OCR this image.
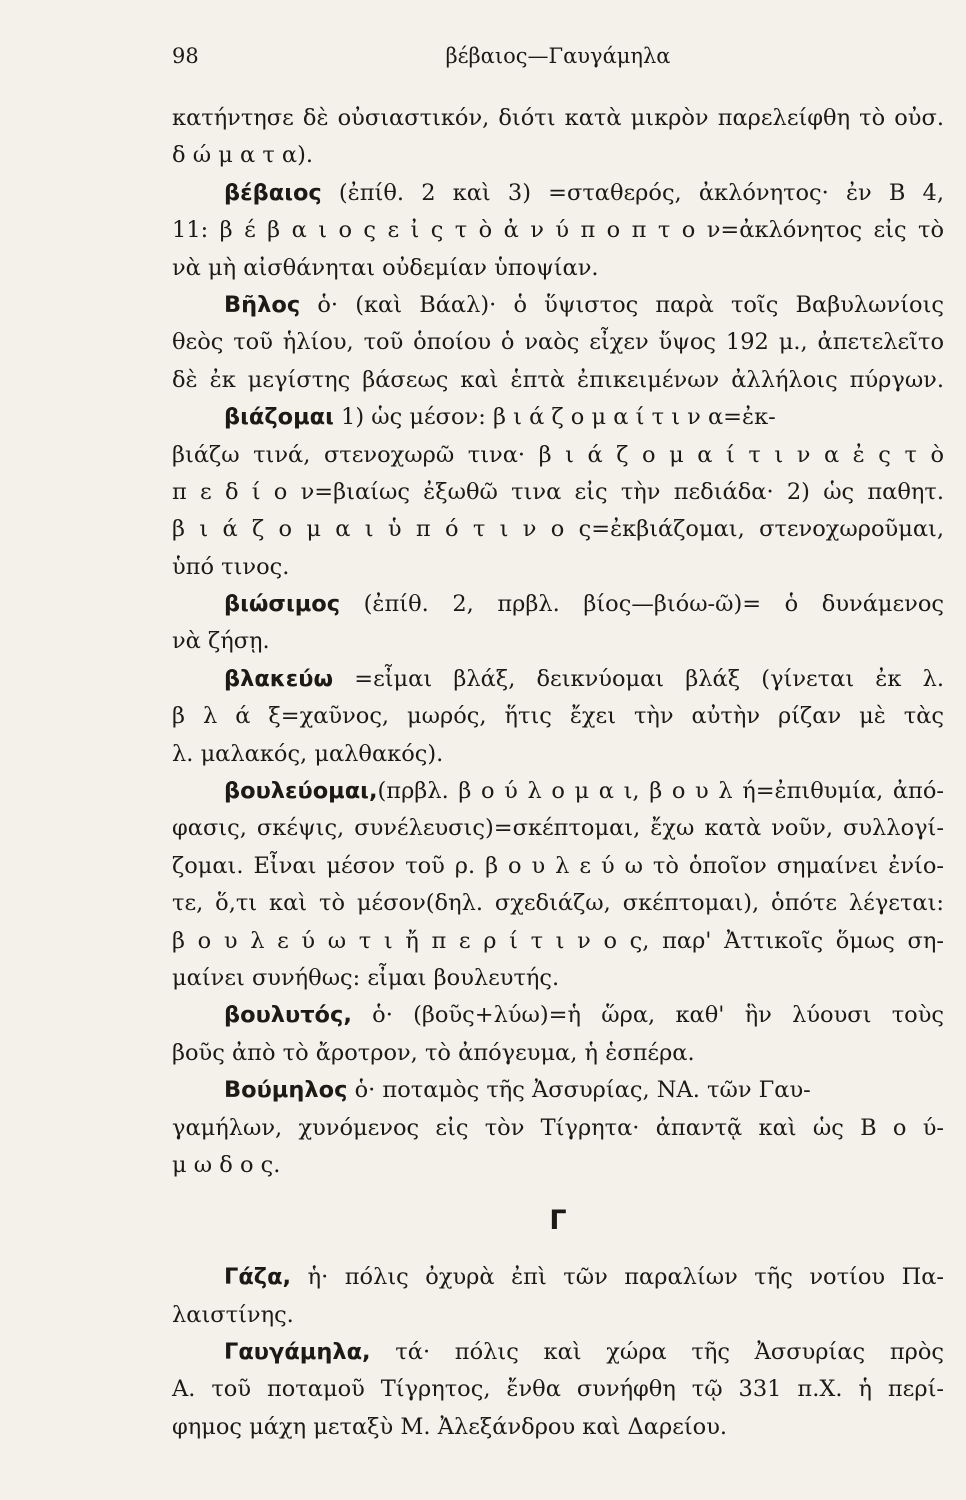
98	βέβαιος—Γαυγάμηλα
κατήντησε δὲ οὐσιαστικόν, διότι κατὰ μικρὸν παρελείφθη τὸ οὐσ.
δ ώ μ α τ α).
βέβαιος (ἐπίθ. 2 καὶ 3) =σταθερός, ἀκλόνητος· ἐν Β 4,
11: β έ β α ι ο ς ε ἰ ς τ ὸ ἀ ν ύ π ο π τ ο ν=ἀκλόνητος εἰς τὸ
νὰ μὴ αἰσθάνηται οὐδεμίαν ὑποψίαν.
Βῆλος ὁ· (καὶ Βάαλ)· ὁ ὕψιστος παρὰ τοῖς Βαβυλωνίοις
θεὸς τοῦ ἡλίου, τοῦ ὁποίου ὁ ναὸς εἶχεν ὕψος 192 μ., ἀπετελεῖτο
δὲ ἐκ μεγίστης βάσεως καὶ ἑπτὰ ἐπικειμένων ἀλλήλοις πύργων.
βιάζομαι 1) ὡς μέσον: β ι ά ζ ο μ α ί τ ι ν α=ἐκ-
βιάζω τινά, στενοχωρῶ τινα· β ι ά ζ ο μ α ί τ ι ν α ἐ ς τ ὸ
π ε δ ί ο ν=βιαίως ἐξωθῶ τινα εἰς τὴν πεδιάδα· 2) ὡς παθητ.
β ι ά ζ ο μ α ι ὑ π ό τ ι ν ο ς=ἐκβιάζομαι, στενοχωροῦμαι,
ὑπό τινος.
βιώσιμος (ἐπίθ. 2, πρβλ. βίος—βιόω-ῶ)= ὁ δυνάμενος
νὰ ζήσῃ.
βλακεύω =εἶμαι βλάξ, δεικνύομαι βλάξ (γίνεται ἐκ λ.
β λ ά ξ=χαῦνος, μωρός, ἥτις ἔχει τὴν αὐτὴν ρίζαν μὲ τὰς
λ. μαλακός, μαλθακός).
βουλεύομαι,(πρβλ. β ο ύ λ ο μ α ι, β ο υ λ ή=ἐπιθυμία, ἀπό-
φασις, σκέψις, συνέλευσις)=σκέπτομαι, ἔχω κατὰ νοῦν, συλλογί-
ζομαι. Εἶναι μέσον τοῦ ρ. β ο υ λ ε ύ ω τὸ ὁποῖον σημαίνει ἐνίο-
τε, ὅ,τι καὶ τὸ μέσον(δηλ. σχεδιάζω, σκέπτομαι), ὁπότε λέγεται:
β ο υ λ ε ύ ω τ ι ἤ π ε ρ ί τ ι ν ο ς, παρ' Ἀττικοῖς ὅμως ση-
μαίνει συνήθως: εἶμαι βουλευτής.
βουλυτός, ὁ· (βοῦς+λύω)=ἡ ὥρα, καθ' ἣν λύουσι τοὺς
βοῦς ἀπὸ τὸ ἄροτρον, τὸ ἀπόγευμα, ἡ ἑσπέρα.
Βούμηλος ὁ· ποταμὸς τῆς Ἀσσυρίας, ΝΑ. τῶν Γαυ-
γαμήλων, χυνόμενος εἰς τὸν Τίγρητα· ἀπαντᾷ καὶ ὡς Β ο ύ-
μ ω δ ο ς.
Γ
Γάζα, ἡ· πόλις ὀχυρὰ ἐπὶ τῶν παραλίων τῆς νοτίου Πα-
λαιστίνης.
Γαυγάμηλα, τά· πόλις καὶ χώρα τῆς Ἀσσυρίας πρὸς
Α. τοῦ ποταμοῦ Τίγρητος, ἔνθα συνήφθη τῷ 331 π.Χ. ἡ περί-
φημος μάχη μεταξὺ Μ. Ἀλεξάνδρου καὶ Δαρείου.
